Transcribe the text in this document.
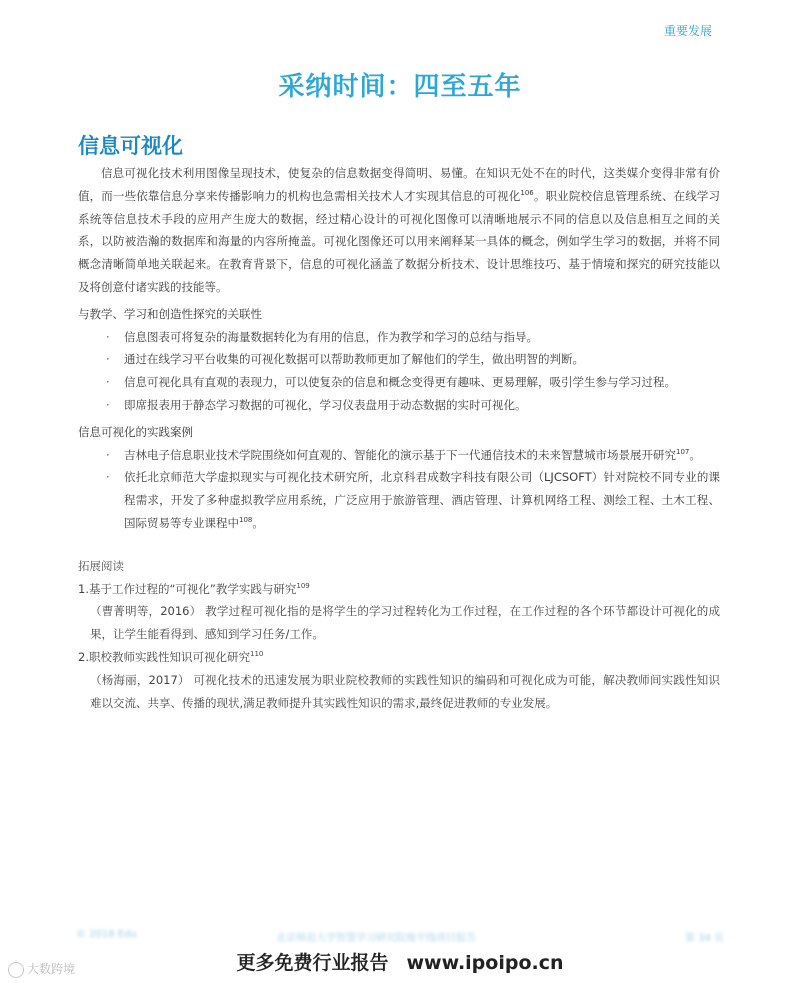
重要发展
采纳时间：四至五年
信息可视化

信息可视化技术利用图像呈现技术，使复杂的信息数据变得简明、易懂。在知识无处不在的时代，这类媒介变得非常有价值，而一些依靠信息分享来传播影响力的机构也急需相关技术人才实现其信息的可视化$^{106}$。职业院校信息管理系统、在线学习系统等信息技术手段的应用产生庞大的数据，经过精心设计的可视化图像可以清晰地展示不同的信息以及信息相互之间的关系，以防被浩瀚的数据库和海量的内容所掩盖。可视化图像还可以用来阐释某一具体的概念，例如学生学习的数据，并将不同概念清晰简单地关联起来。在教育背景下，信息的可视化涵盖了数据分析技术、设计思维技巧、基于情境和探究的研究技能以及将创意付诸实践的技能等。

与教学、学习和创造性探究的关联性
· 信息图表可将复杂的海量数据转化为有用的信息，作为教学和学习的总结与指导。
· 通过在线学习平台收集的可视化数据可以帮助教师更加了解他们的学生，做出明智的判断。
· 信息可视化具有直观的表现力，可以使复杂的信息和概念变得更有趣味、更易理解，吸引学生参与学习过程。
· 即席报表用于静态学习数据的可视化，学习仪表盘用于动态数据的实时可视化。
信息可视化的实践案例
· 吉林电子信息职业技术学院围绕如何直观的、智能化的演示基于下一代通信技术的未来智慧城市场景展开研究$^{107}$。
· 依托北京师范大学虚拟现实与可视化技术研究所，北京科君成数字科技有限公司（LJCSOFT）针对院校不同专业的课程需求，开发了多种虚拟教学应用系统，广泛应用于旅游管理、酒店管理、计算机网络工程、测绘工程、土木工程、国际贸易等专业课程中$^{108}$。
拓展阅读
1.基于工作过程的“可视化”教学实践与研究$^{109}$

（曹菁明等，2016） 教学过程可视化指的是将学生的学习过程转化为工作过程，在工作过程的各个环节都设计可视化的成果，让学生能看得到、感知到学习任务/工作。

2.职校教师实践性知识可视化研究$^{110}$

（杨海丽，2017） 可视化技术的迅速发展为职业院校教师的实践性知识的编码和可视化成为可能，解决教师间实践性知识难以交流、共享、传播的现状,满足教师提升其实践性知识的需求,最终促进教师的专业发展。

© 2018 Edu	北京师范大学智慧学习研究院地平线项目报告	第 34 页
更多免费行业报告 www.ipoipo.cn
大数跨境
